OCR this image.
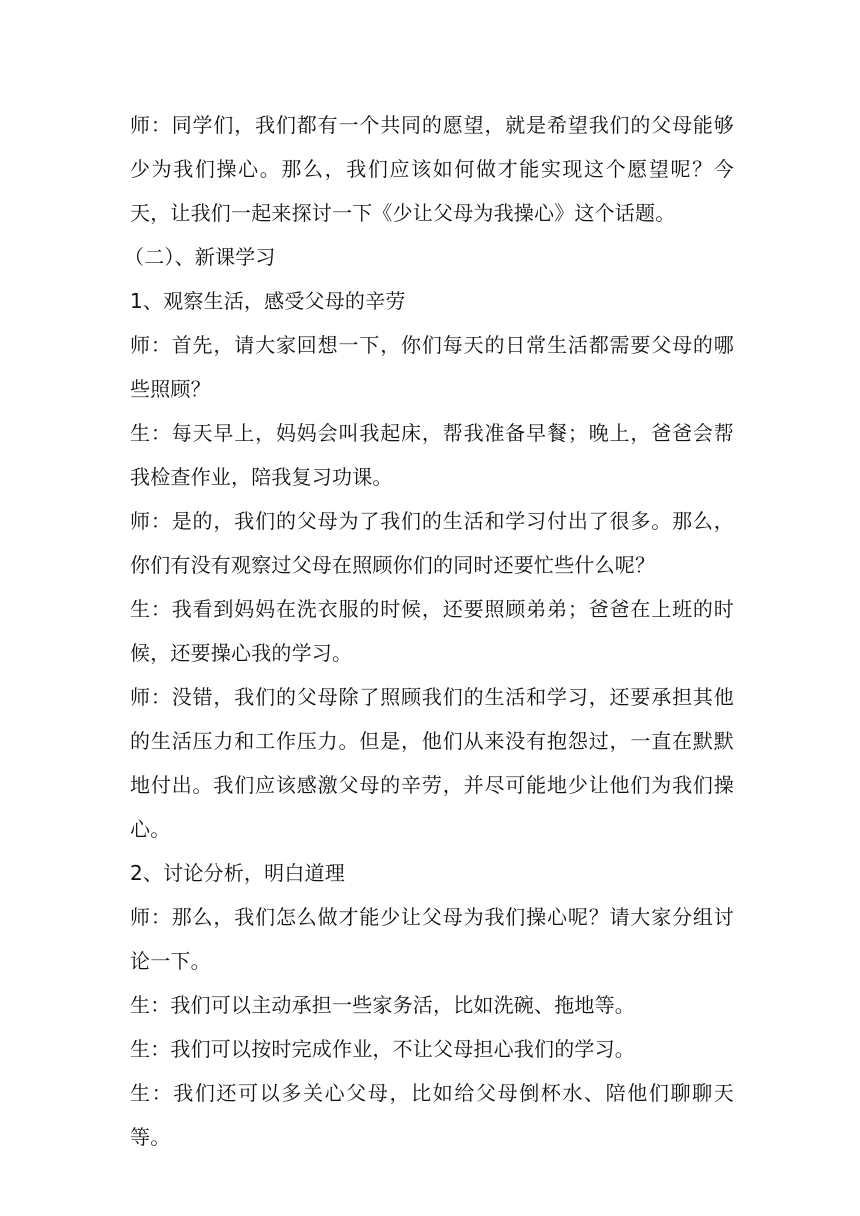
师：同学们，我们都有一个共同的愿望，就是希望我们的父母能够少为我们操心。那么，我们应该如何做才能实现这个愿望呢？今天，让我们一起来探讨一下《少让父母为我操心》这个话题。

（二）、新课学习

1、观察生活，感受父母的辛劳

师：首先，请大家回想一下，你们每天的日常生活都需要父母的哪些照顾？

生：每天早上，妈妈会叫我起床，帮我准备早餐；晚上，爸爸会帮我检查作业，陪我复习功课。

师：是的，我们的父母为了我们的生活和学习付出了很多。那么，你们有没有观察过父母在照顾你们的同时还要忙些什么呢？

生：我看到妈妈在洗衣服的时候，还要照顾弟弟；爸爸在上班的时候，还要操心我的学习。

师：没错，我们的父母除了照顾我们的生活和学习，还要承担其他的生活压力和工作压力。但是，他们从来没有抱怨过，一直在默默地付出。我们应该感激父母的辛劳，并尽可能地少让他们为我们操心。

2、讨论分析，明白道理

师：那么，我们怎么做才能少让父母为我们操心呢？请大家分组讨论一下。

生：我们可以主动承担一些家务活，比如洗碗、拖地等。

生：我们可以按时完成作业，不让父母担心我们的学习。

生：我们还可以多关心父母，比如给父母倒杯水、陪他们聊聊天等。
